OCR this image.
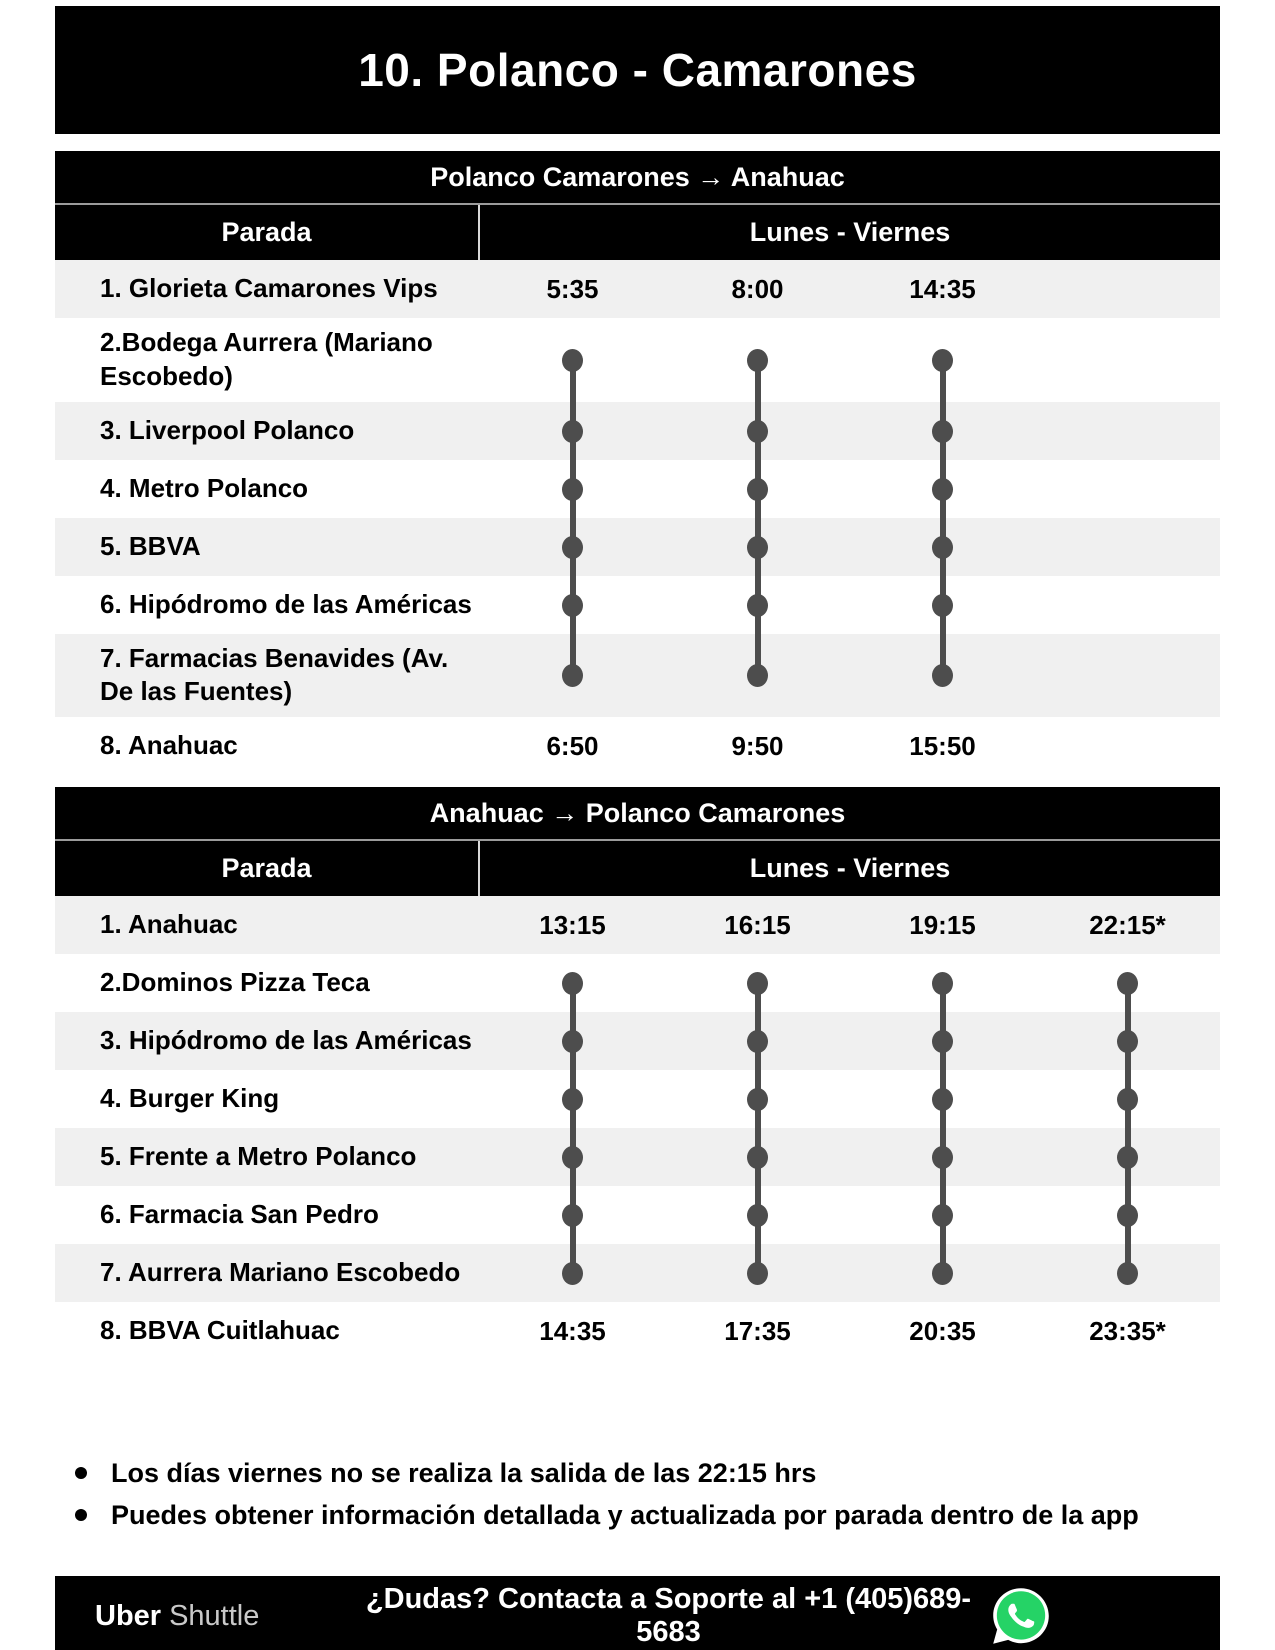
10. Polanco - Camarones
Polanco Camarones → Anahuac
Parada	Lunes - Viernes
1. Glorieta Camarones Vips	5:35	8:00	14:35
2.Bodega Aurrera (Mariano Escobedo)
3. Liverpool Polanco
4. Metro Polanco
5. BBVA
6. Hipódromo de las Américas
7. Farmacias Benavides (Av. De las Fuentes)
8. Anahuac	6:50	9:50	15:50
Anahuac → Polanco Camarones
Parada	Lunes - Viernes
1. Anahuac	13:15	16:15	19:15	22:15*
2.Dominos Pizza Teca
3. Hipódromo de las Américas
4. Burger King
5. Frente a Metro Polanco
6. Farmacia San Pedro
7. Aurrera Mariano Escobedo
8. BBVA Cuitlahuac	14:35	17:35	20:35	23:35*
Los días viernes no se realiza la salida de las 22:15 hrs
Puedes obtener información detallada y actualizada por parada dentro de la app
Uber Shuttle
¿Dudas? Contacta a Soporte al +1 (405)689-5683
